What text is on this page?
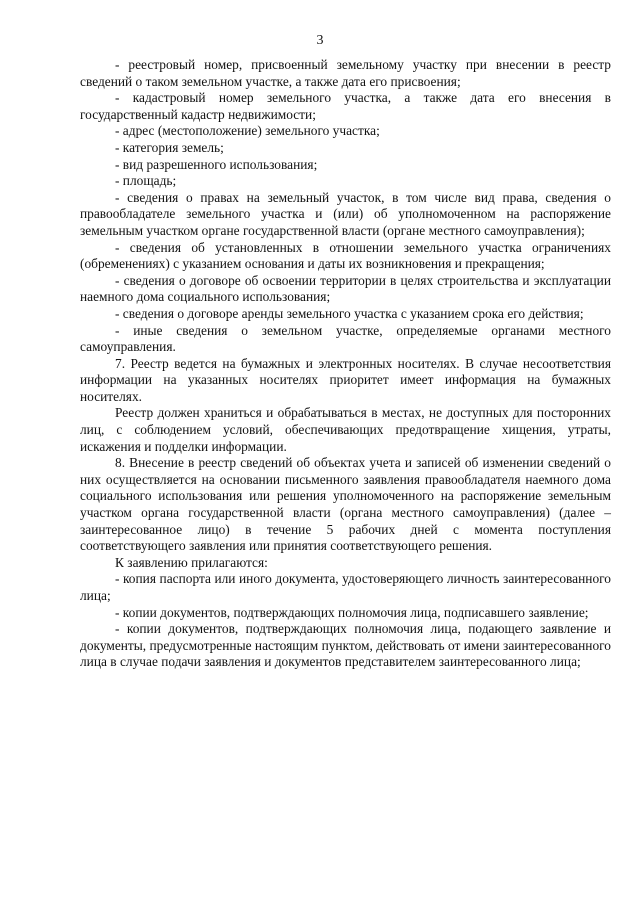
3

- реестровый номер, присвоенный земельному участку при внесении в реестр сведений о таком земельном участке, а также дата его присвоения;

- кадастровый номер земельного участка, а также дата его внесения в государственный кадастр недвижимости;

- адрес (местоположение) земельного участка;

- категория земель;

- вид разрешенного использования;

- площадь;

- сведения о правах на земельный участок, в том числе вид права, сведения о правообладателе земельного участка и (или) об уполномоченном на распоряжение земельным участком органе государственной власти (органе местного самоуправления);

- сведения об установленных в отношении земельного участка ограничениях (обременениях) с указанием основания и даты их возникновения и прекращения;

- сведения о договоре об освоении территории в целях строительства и эксплуатации наемного дома социального использования;

- сведения о договоре аренды земельного участка с указанием срока его действия;

- иные сведения о земельном участке, определяемые органами местного самоуправления.

7. Реестр ведется на бумажных и электронных носителях. В случае несоответствия информации на указанных носителях приоритет имеет информация на бумажных носителях.

Реестр должен храниться и обрабатываться в местах, не доступных для посторонних лиц, с соблюдением условий, обеспечивающих предотвращение хищения, утраты, искажения и подделки информации.

8. Внесение в реестр сведений об объектах учета и записей об изменении сведений о них осуществляется на основании письменного заявления правообладателя наемного дома социального использования или решения уполномоченного на распоряжение земельным участком органа государственной власти (органа местного самоуправления) (далее – заинтересованное лицо) в течение 5 рабочих дней с момента поступления соответствующего заявления или принятия соответствующего решения.

К заявлению прилагаются:

- копия паспорта или иного документа, удостоверяющего личность заинтересованного лица;

- копии документов, подтверждающих полномочия лица, подписавшего заявление;

- копии документов, подтверждающих полномочия лица, подающего заявление и документы, предусмотренные настоящим пунктом, действовать от имени заинтересованного лица в случае подачи заявления и документов представителем заинтересованного лица;
